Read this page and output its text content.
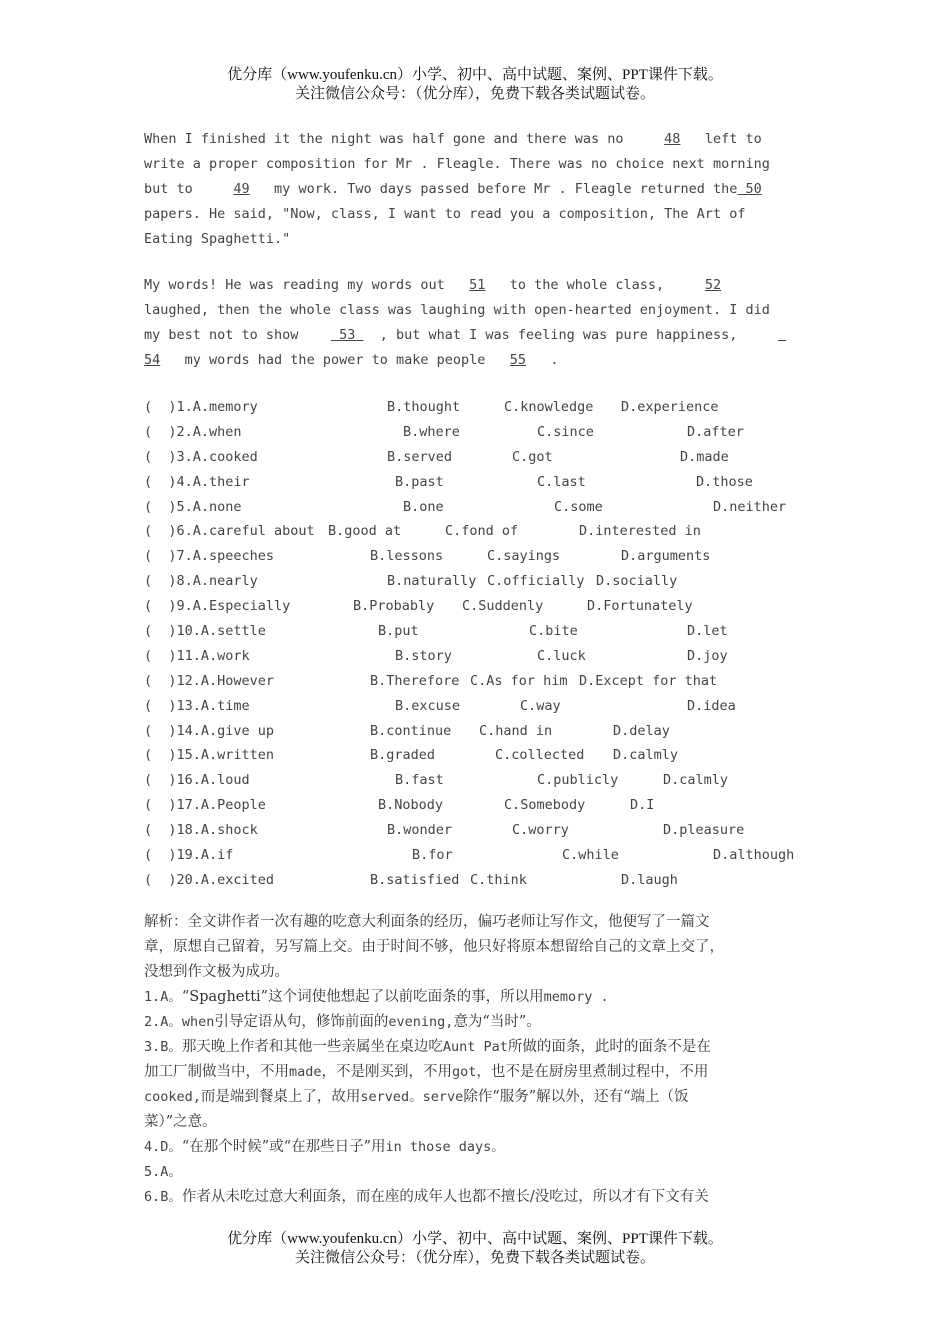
优分库（www.youfenku.cn）小学、初中、高中试题、案例、PPT课件下载。
关注微信公众号：（优分库），免费下载各类试题试卷。
When I finished it the night was half gone and there was no     48   left to
write a proper composition for Mr . Fleagle. There was no choice next morning
but to     49   my work. Two days passed before Mr . Fleagle returned the 50
papers. He said, "Now, class, I want to read you a composition, The Art of
Eating Spaghetti."
My words! He was reading my words out   51   to the whole class,     52
laughed, then the whole class was laughing with open-hearted enjoyment. I did
my best not to show     53   , but what I was feeling was pure happiness,
54   my words had the power to make people   55   .
(  )1.A.memory	B.thought	C.knowledge D.experience
(  )2.A.when	B.where	C.since	D.after
(  )3.A.cooked	B.served	C.got	D.made
(  )4.A.their	B.past	C.last	D.those
(  )5.A.none	B.one	C.some	D.neither
(  )6.A.careful about B.good at	C.fond of	D.interested in
(  )7.A.speeches	B.lessons	C.sayings	D.arguments
(  )8.A.nearly	B.naturally C.officially D.socially
(  )9.A.Especially	B.Probably C.Suddenly	D.Fortunately
(  )10.A.settle	B.put	C.bite	D.let
(  )11.A.work	B.story	C.luck	D.joy
(  )12.A.However	B.Therefore C.As for him D.Except for that
(  )13.A.time	B.excuse	C.way	D.idea
(  )14.A.give up	B.continue C.hand in	D.delay
(  )15.A.written	B.graded	C.collected D.calmly
(  )16.A.loud	B.fast	C.publicly	D.calmly
(  )17.A.People	B.Nobody	C.Somebody	D.I
(  )18.A.shock	B.wonder	C.worry	D.pleasure
(  )19.A.if	B.for	C.while	D.although
(  )20.A.excited	B.satisfied C.think	D.laugh
解析：全文讲作者一次有趣的吃意大利面条的经历，偏巧老师让写作文，他便写了一篇文
章，原想自己留着，另写篇上交。由于时间不够，他只好将原本想留给自己的文章上交了，
没想到作文极为成功。
1.A。“Spaghetti”这个词使他想起了以前吃面条的事，所以用memory .
2.A。when引导定语从句，修饰前面的evening,意为“当时”。
3.B。那天晚上作者和其他一些亲属坐在桌边吃Aunt Pat所做的面条，此时的面条不是在
加工厂制做当中，不用made，不是刚买到，不用got，也不是在厨房里煮制过程中，不用
cooked,而是端到餐桌上了，故用served。serve除作“服务”解以外，还有“端上（饭
菜）”之意。
4.D。“在那个时候”或“在那些日子”用in those days。
5.A。
6.B。作者从未吃过意大利面条，而在座的成年人也都不擅长/没吃过，所以才有下文有关
优分库（www.youfenku.cn）小学、初中、高中试题、案例、PPT课件下载。
关注微信公众号：（优分库），免费下载各类试题试卷。
